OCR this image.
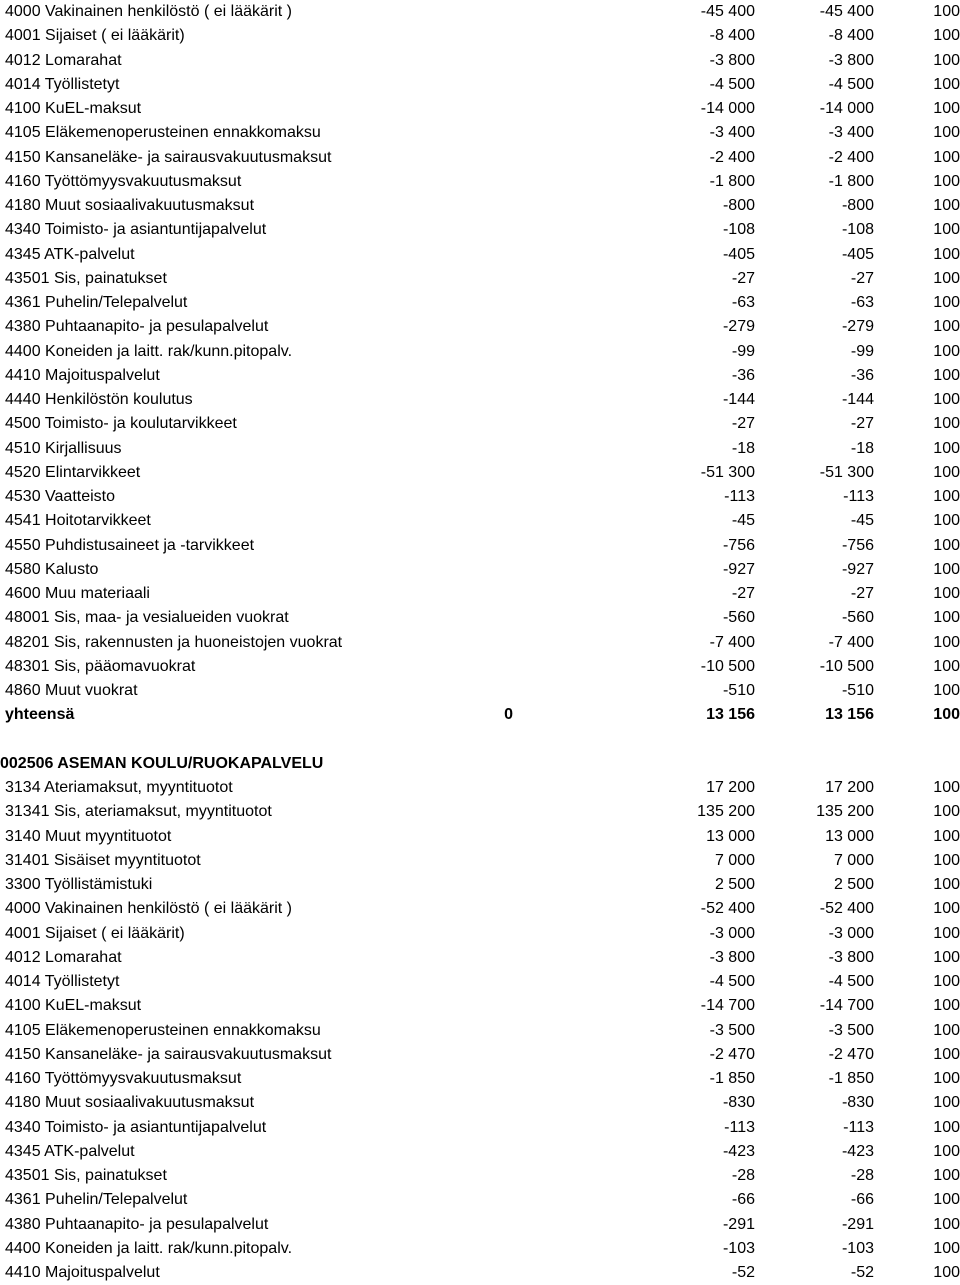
4000 Vakinainen henkilöstö ( ei lääkärit )	-45 400	-45 400	100
4001 Sijaiset ( ei lääkärit)	-8 400	-8 400	100
4012 Lomarahat	-3 800	-3 800	100
4014 Työllistetyt	-4 500	-4 500	100
4100 KuEL-maksut	-14 000	-14 000	100
4105 Eläkemenoperusteinen ennakkomaksu	-3 400	-3 400	100
4150 Kansaneläke- ja sairausvakuutusmaksut	-2 400	-2 400	100
4160 Työttömyysvakuutusmaksut	-1 800	-1 800	100
4180 Muut sosiaalivakuutusmaksut	-800	-800	100
4340 Toimisto- ja asiantuntijapalvelut	-108	-108	100
4345 ATK-palvelut	-405	-405	100
43501 Sis, painatukset	-27	-27	100
4361 Puhelin/Telepalvelut	-63	-63	100
4380 Puhtaanapito- ja pesulapalvelut	-279	-279	100
4400 Koneiden ja laitt. rak/kunn.pitopalv.	-99	-99	100
4410 Majoituspalvelut	-36	-36	100
4440 Henkilöstön koulutus	-144	-144	100
4500 Toimisto- ja koulutarvikkeet	-27	-27	100
4510 Kirjallisuus	-18	-18	100
4520 Elintarvikkeet	-51 300	-51 300	100
4530 Vaatteisto	-113	-113	100
4541 Hoitotarvikkeet	-45	-45	100
4550 Puhdistusaineet ja -tarvikkeet	-756	-756	100
4580 Kalusto	-927	-927	100
4600 Muu materiaali	-27	-27	100
48001 Sis, maa- ja vesialueiden vuokrat	-560	-560	100
48201 Sis, rakennusten ja huoneistojen vuokrat	-7 400	-7 400	100
48301 Sis, pääomavuokrat	-10 500	-10 500	100
4860 Muut vuokrat	-510	-510	100
yhteensä	0	13 156	13 156	100
002506 ASEMAN KOULU/RUOKAPALVELU
3134 Ateriamaksut, myyntituotot	17 200	17 200	100
31341 Sis, ateriamaksut, myyntituotot	135 200	135 200	100
3140 Muut myyntituotot	13 000	13 000	100
31401 Sisäiset myyntituotot	7 000	7 000	100
3300 Työllistämistuki	2 500	2 500	100
4000 Vakinainen henkilöstö ( ei lääkärit )	-52 400	-52 400	100
4001 Sijaiset ( ei lääkärit)	-3 000	-3 000	100
4012 Lomarahat	-3 800	-3 800	100
4014 Työllistetyt	-4 500	-4 500	100
4100 KuEL-maksut	-14 700	-14 700	100
4105 Eläkemenoperusteinen ennakkomaksu	-3 500	-3 500	100
4150 Kansaneläke- ja sairausvakuutusmaksut	-2 470	-2 470	100
4160 Työttömyysvakuutusmaksut	-1 850	-1 850	100
4180 Muut sosiaalivakuutusmaksut	-830	-830	100
4340 Toimisto- ja asiantuntijapalvelut	-113	-113	100
4345 ATK-palvelut	-423	-423	100
43501 Sis, painatukset	-28	-28	100
4361 Puhelin/Telepalvelut	-66	-66	100
4380 Puhtaanapito- ja pesulapalvelut	-291	-291	100
4400 Koneiden ja laitt. rak/kunn.pitopalv.	-103	-103	100
4410 Majoituspalvelut	-52	-52	100
